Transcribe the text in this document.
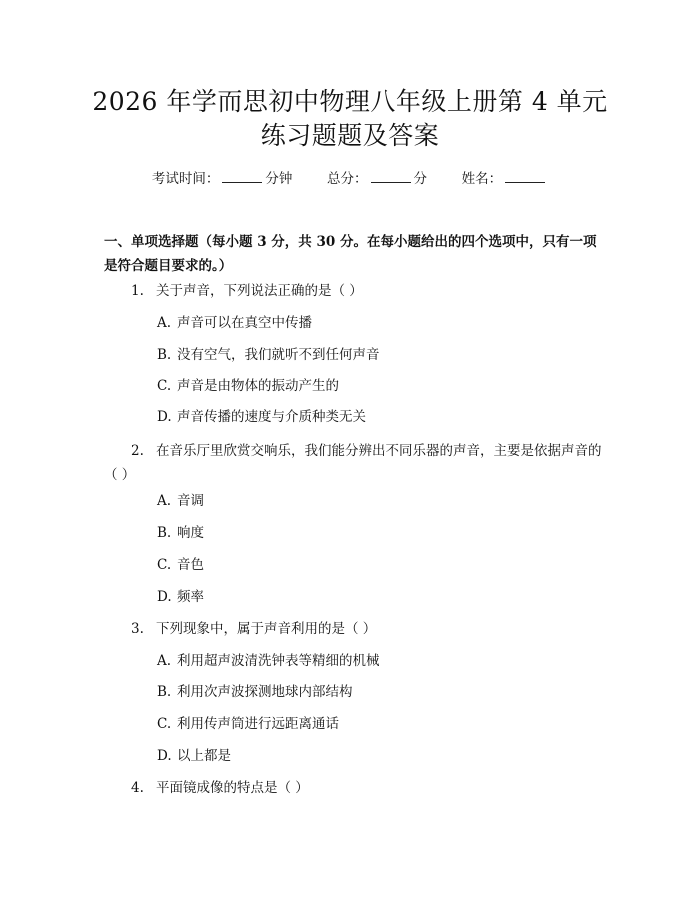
2026 年学而思初中物理八年级上册第 4 单元
练习题题及答案
考试时间：	分钟	总分：	分	姓名：
一、单项选择题（每小题 3 分，共 30 分。在每小题给出的四个选项中，只有一项是符合题目要求的。）
1. 关于声音，下列说法正确的是（ ）
A. 声音可以在真空中传播
B. 没有空气，我们就听不到任何声音
C. 声音是由物体的振动产生的
D. 声音传播的速度与介质种类无关
2. 在音乐厅里欣赏交响乐，我们能分辨出不同乐器的声音，主要是依据声音的（ ）
A. 音调
B. 响度
C. 音色
D. 频率
3. 下列现象中，属于声音利用的是（ ）
A. 利用超声波清洗钟表等精细的机械
B. 利用次声波探测地球内部结构
C. 利用传声筒进行远距离通话
D. 以上都是
4. 平面镜成像的特点是（ ）
